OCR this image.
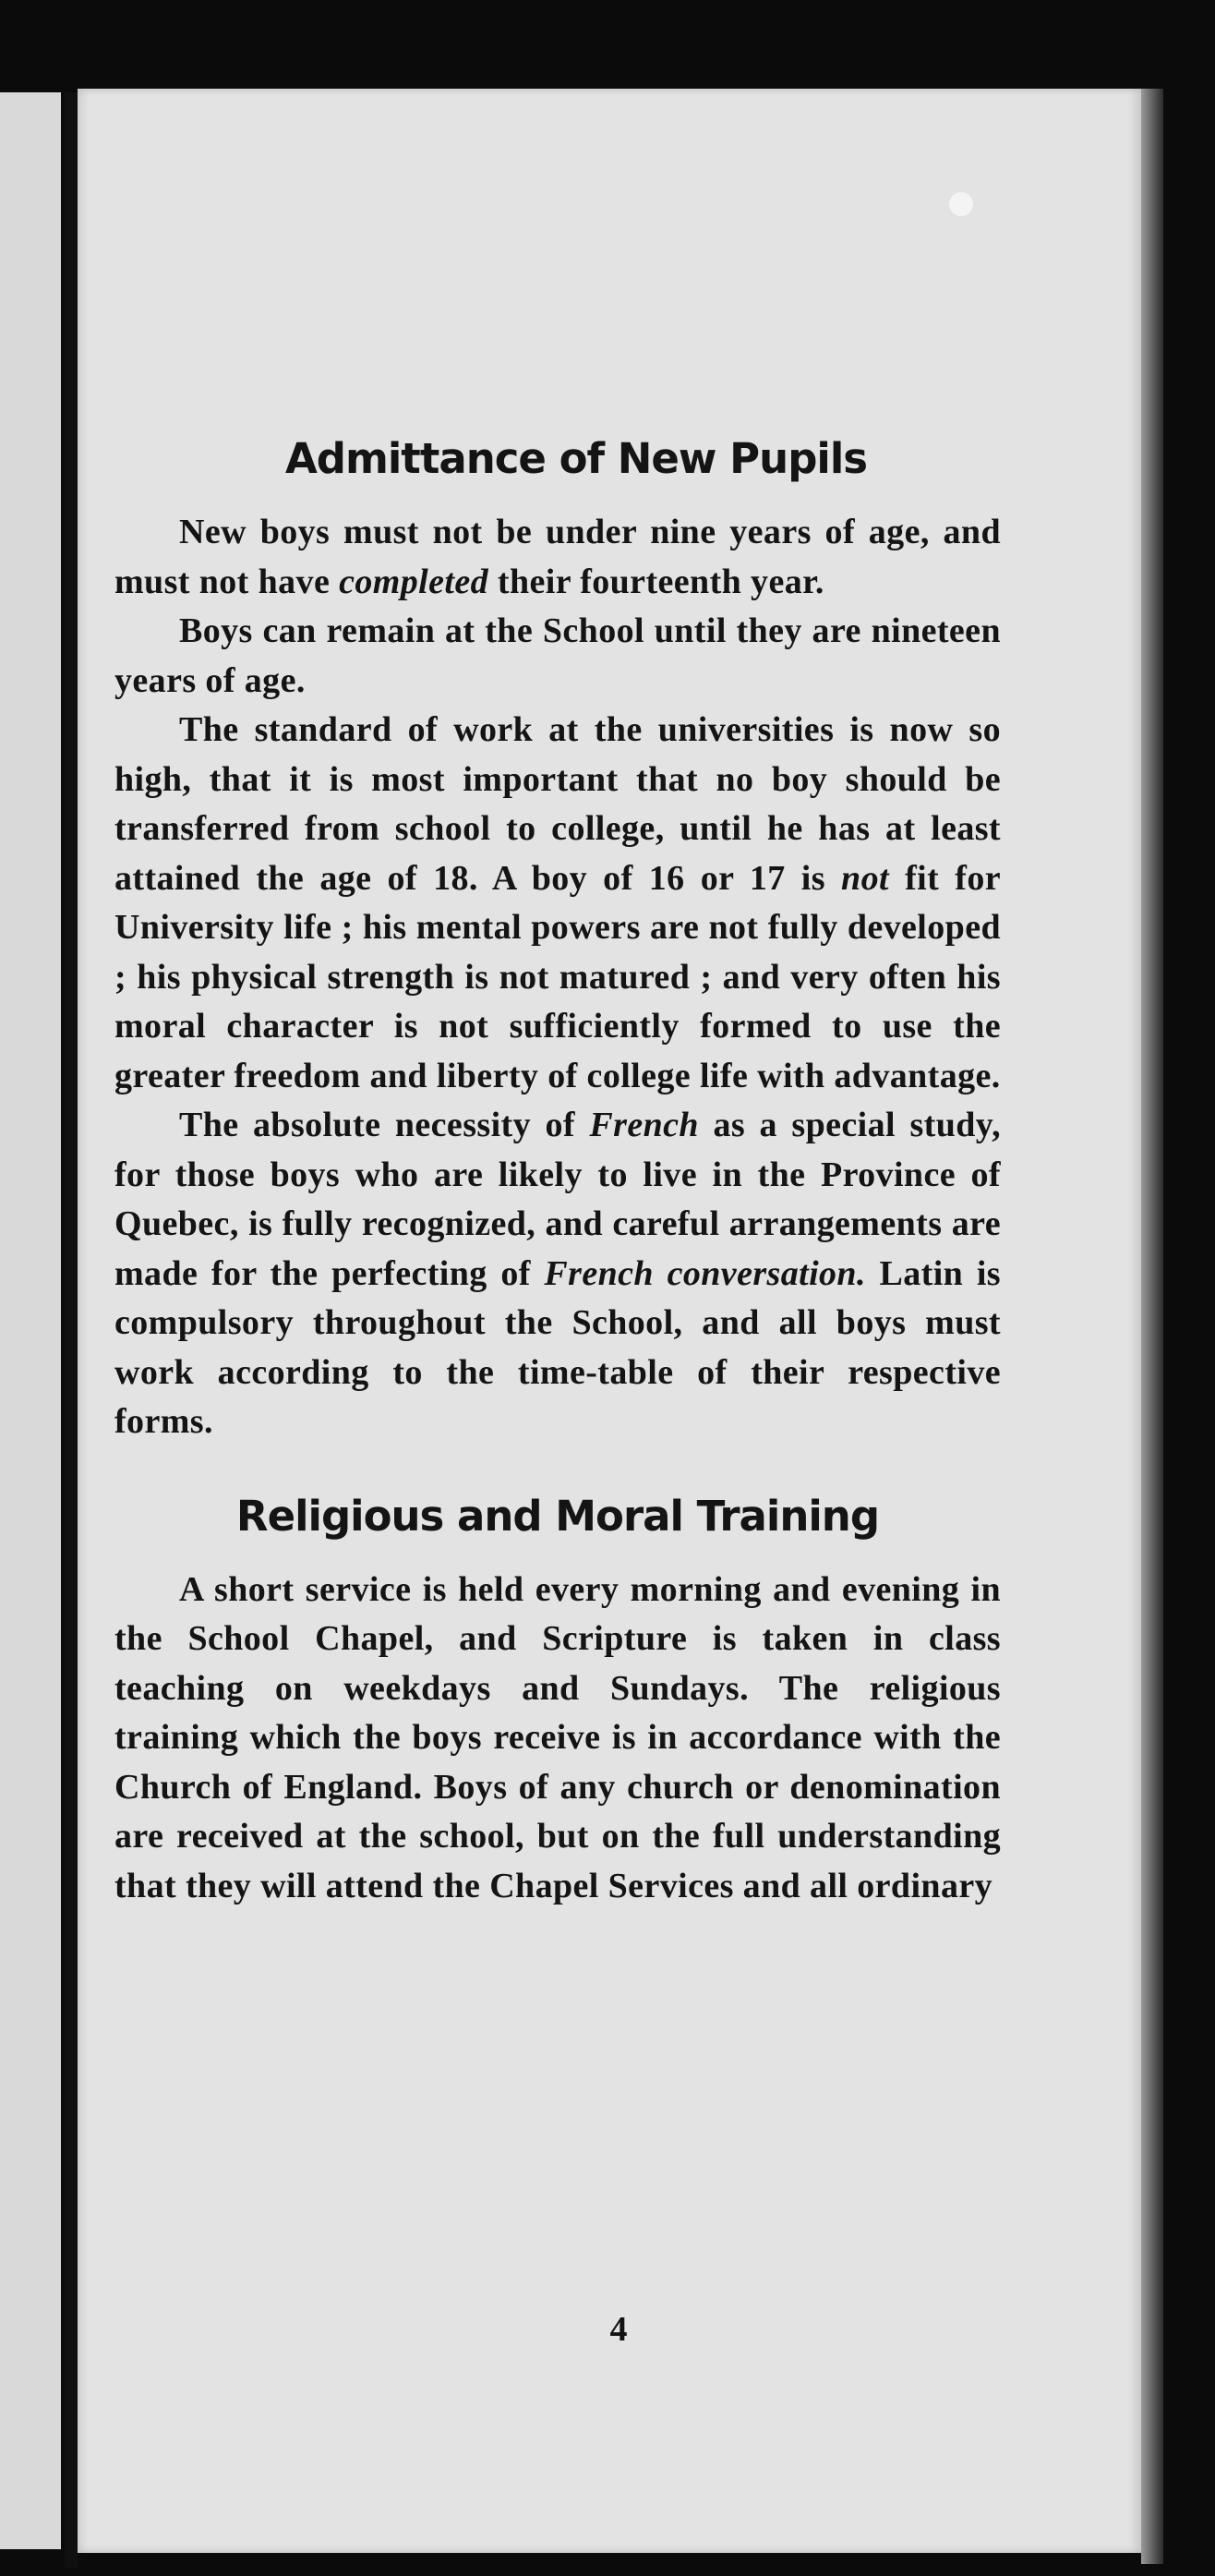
Admittance of New Pupils

New boys must not be under nine years of age, and must not have completed their fourteenth year.

Boys can remain at the School until they are nineteen years of age.

The standard of work at the universities is now so high, that it is most important that no boy should be transferred from school to college, until he has at least attained the age of 18. A boy of 16 or 17 is not fit for University life ; his mental powers are not fully developed ; his physical strength is not matured ; and very often his moral character is not sufficiently formed to use the greater freedom and liberty of college life with advantage.

The absolute necessity of French as a special study, for those boys who are likely to live in the Province of Quebec, is fully recognized, and careful arrangements are made for the perfecting of French conversation. Latin is compulsory throughout the School, and all boys must work according to the time-table of their respective forms.

Religious and Moral Training

A short service is held every morning and evening in the School Chapel, and Scripture is taken in class teaching on weekdays and Sundays. The religious training which the boys receive is in accordance with the Church of England. Boys of any church or denomination are received at the school, but on the full understanding that they will attend the Chapel Services and all ordinary

4
